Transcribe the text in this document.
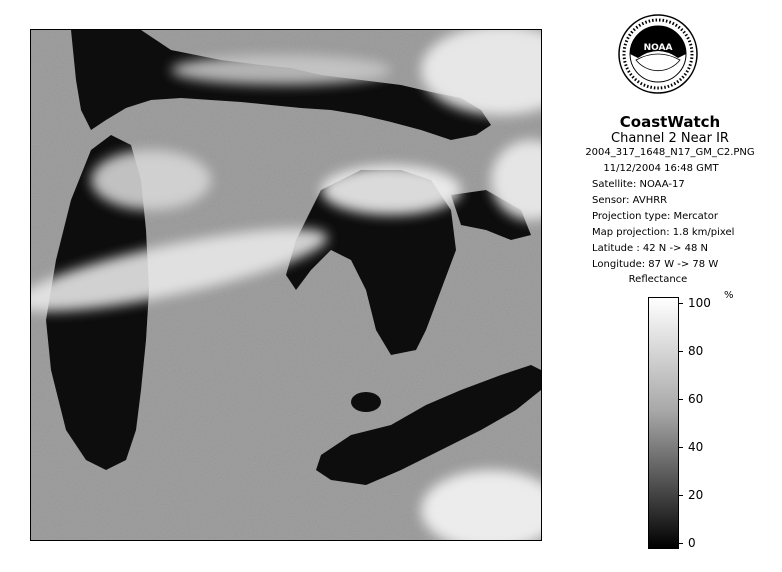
NOAA
CoastWatch
Channel 2 Near IR
2004_317_1648_N17_GM_C2.PNG
11/12/2004 16:48 GMT
Satellite: NOAA-17
Sensor: AVHRR
Projection type: Mercator
Map projection: 1.8 km/pixel
Latitude : 42 N -> 48 N
Longitude: 87 W -> 78 W
Reflectance
%
100
80
60
40
20
0
